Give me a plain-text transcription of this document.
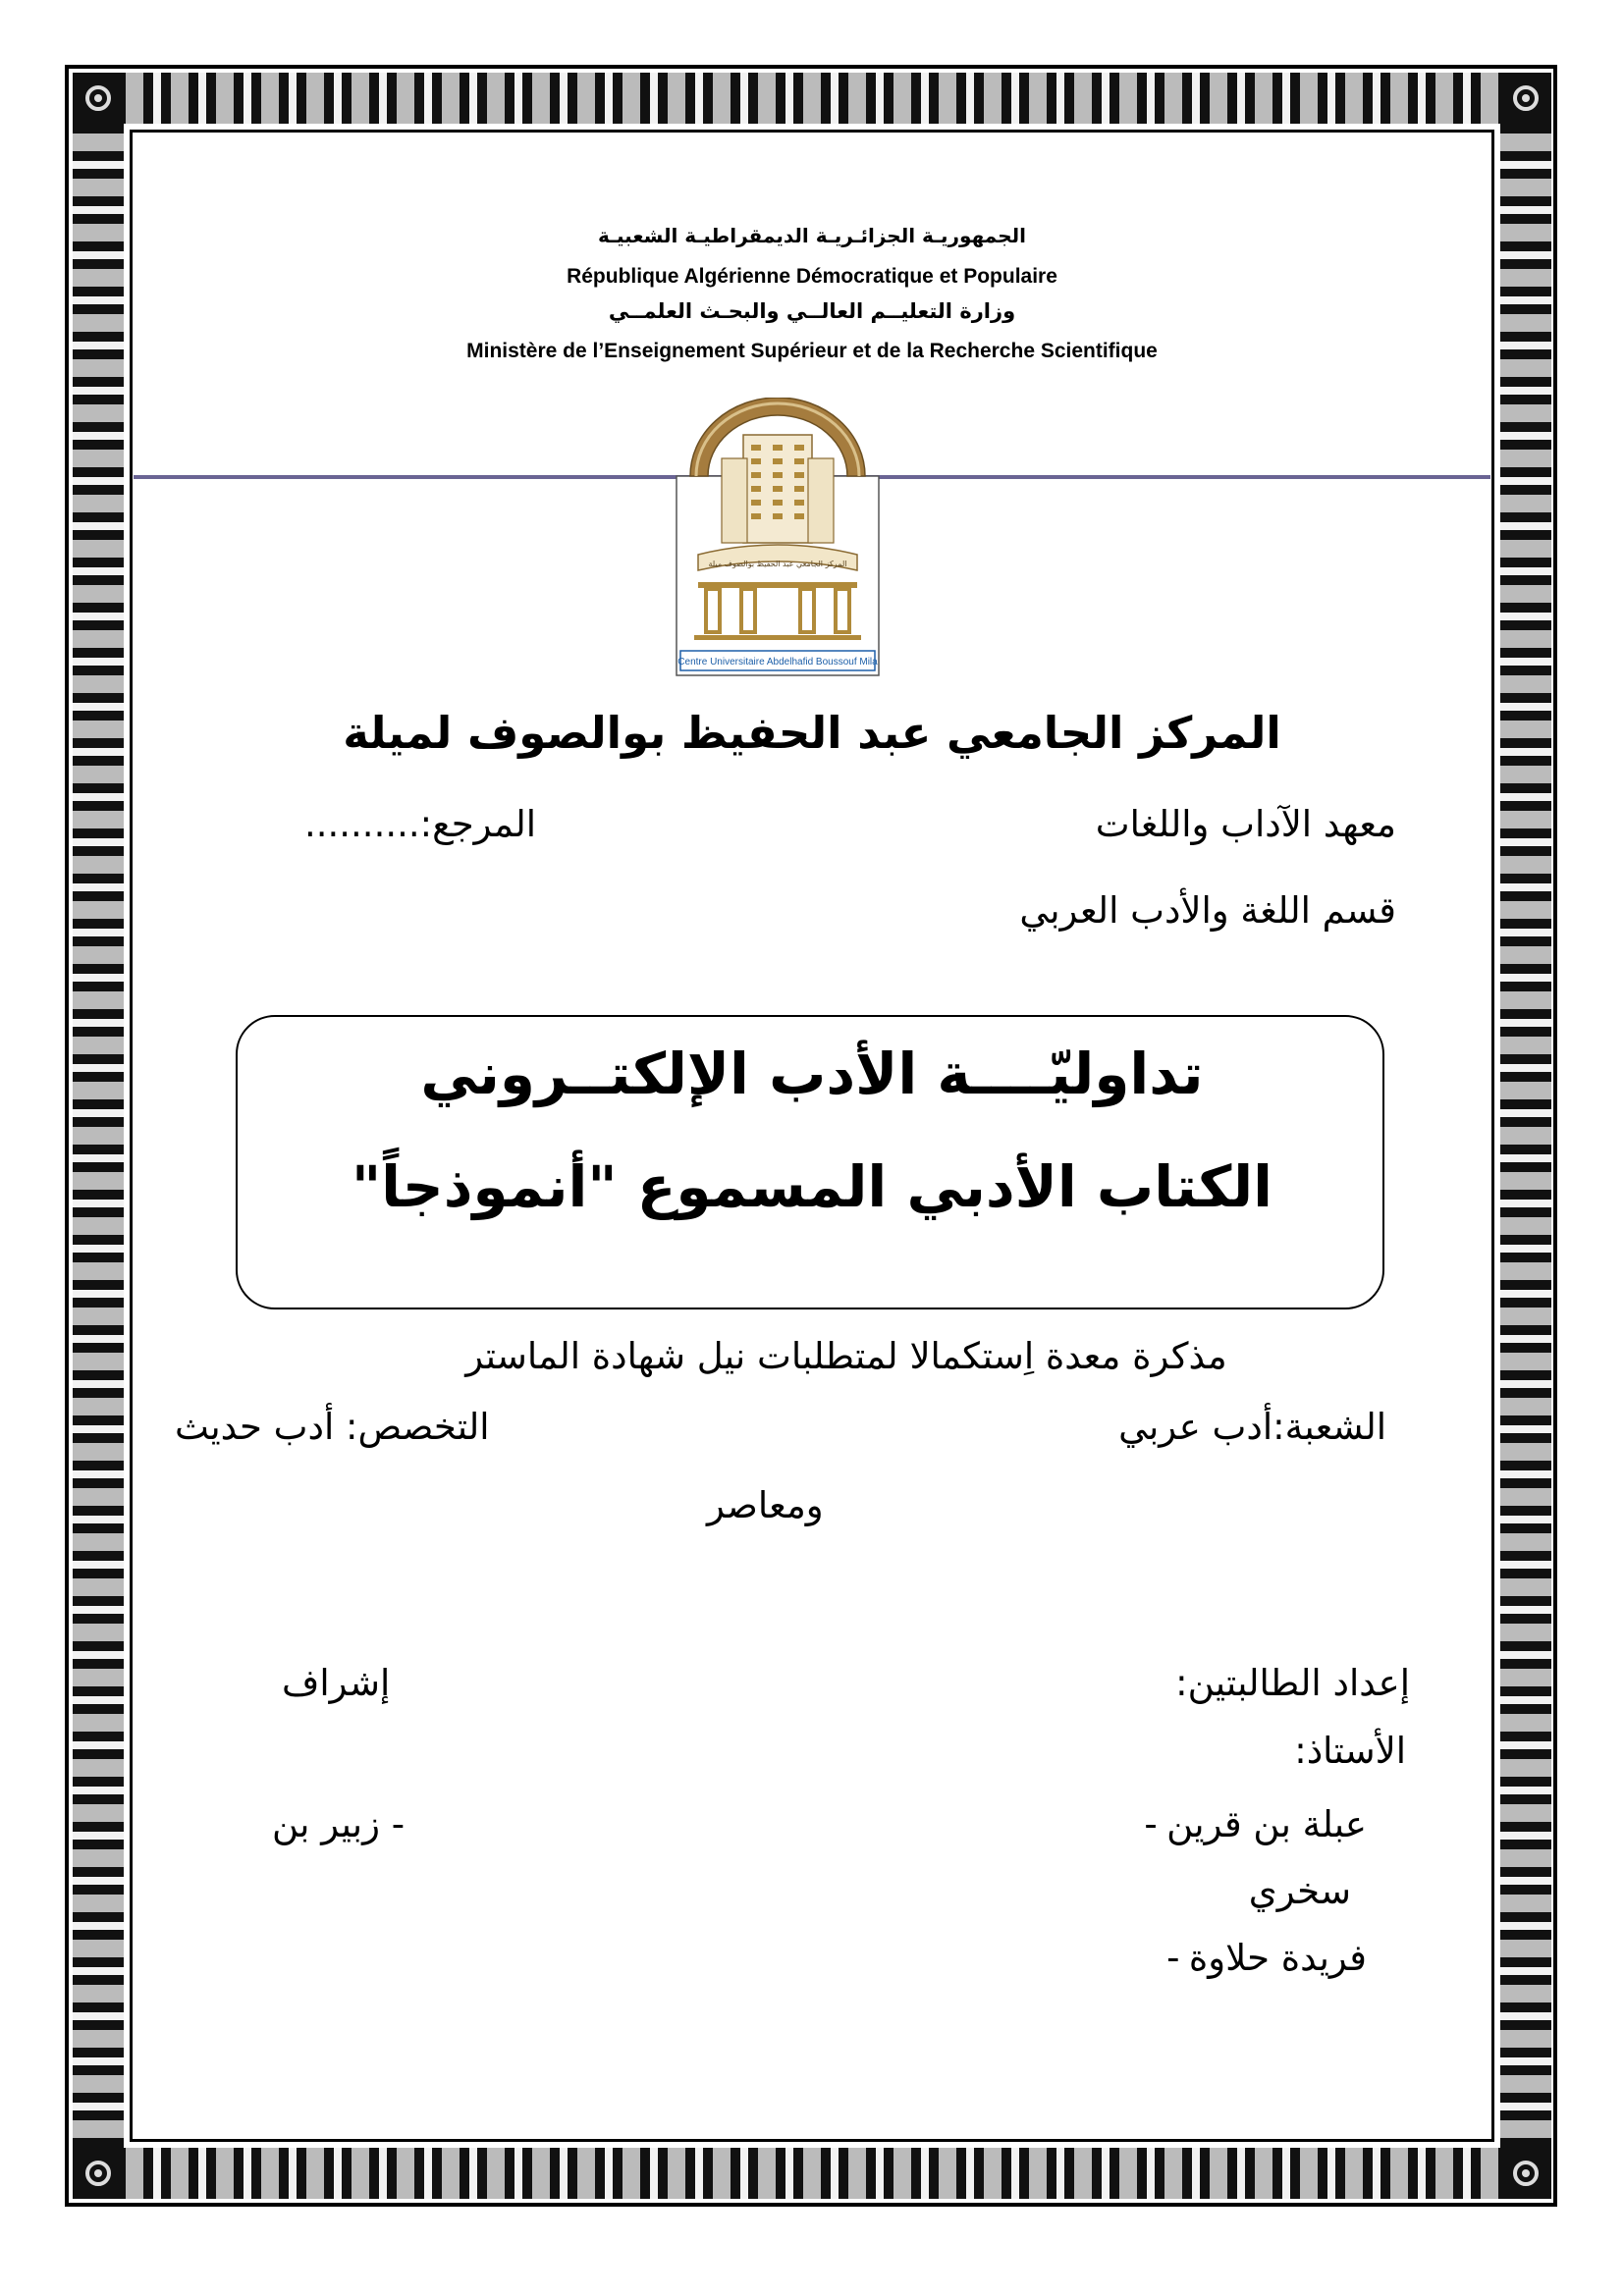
الجمهوريـة الجزائـريـة الديمقراطيـة الشعبيـة
République Algérienne Démocratique et Populaire
وزارة التعليــم العالــي والبحـث العلمــي
Ministère de l’Enseignement Supérieur et de la Recherche Scientifique
المركز الجامعي عبد الحفيظ بوالصوف ميلة
Centre Universitaire Abdelhafid Boussouf Mila
المركز الجامعي عبد الحفيظ بوالصوف لميلة
معهد الآداب واللغات
المرجع:..........
قسم اللغة والأدب العربي
تداوليّــــة الأدب الإلكتــروني
الكتاب الأدبي المسموع "أنموذجاً"
مذكرة معدة اِستكمالا لمتطلبات نيل شهادة الماستر
الشعبة:أدب عربي
التخصص: أدب حديث
ومعاصر
إعداد الطالبتين:
إشراف
الأستاذ:
- عبلة بن قرين
سخري
- فريدة حلاوة
- زبير بن
